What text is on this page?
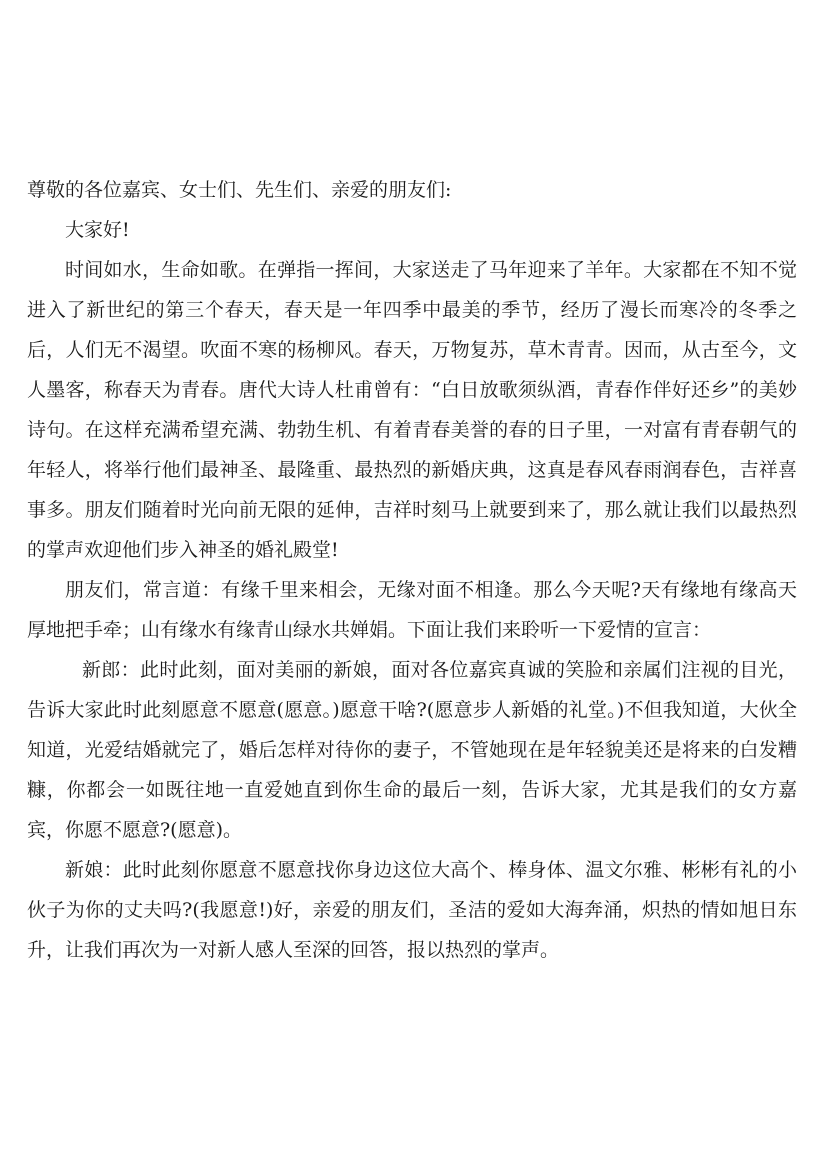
尊敬的各位嘉宾、女士们、先生们、亲爱的朋友们:

大家好!

时间如水，生命如歌。在弹指一挥间，大家送走了马年迎来了羊年。大家都在不知不觉进入了新世纪的第三个春天，春天是一年四季中最美的季节，经历了漫长而寒冷的冬季之后，人们无不渴望。吹面不寒的杨柳风。春天，万物复苏，草木青青。因而，从古至今，文人墨客，称春天为青春。唐代大诗人杜甫曾有：“白日放歌须纵酒，青春作伴好还乡”的美妙诗句。在这样充满希望充满、勃勃生机、有着青春美誉的春的日子里，一对富有青春朝气的年轻人，将举行他们最神圣、最隆重、最热烈的新婚庆典，这真是春风春雨润春色，吉祥喜事多。朋友们随着时光向前无限的延伸，吉祥时刻马上就要到来了，那么就让我们以最热烈的掌声欢迎他们步入神圣的婚礼殿堂!

朋友们，常言道：有缘千里来相会，无缘对面不相逢。那么今天呢?天有缘地有缘高天厚地把手牵；山有缘水有缘青山绿水共婵娟。下面让我们来聆听一下爱情的宣言：

新郎：此时此刻，面对美丽的新娘，面对各位嘉宾真诚的笑脸和亲属们注视的目光，告诉大家此时此刻愿意不愿意(愿意。)愿意干啥?(愿意步人新婚的礼堂。)不但我知道，大伙全知道，光爱结婚就完了，婚后怎样对待你的妻子，不管她现在是年轻貌美还是将来的白发糟糠，你都会一如既往地一直爱她直到你生命的最后一刻，告诉大家，尤其是我们的女方嘉宾，你愿不愿意?(愿意)。

新娘：此时此刻你愿意不愿意找你身边这位大高个、棒身体、温文尔雅、彬彬有礼的小伙子为你的丈夫吗?(我愿意!)好，亲爱的朋友们，圣洁的爱如大海奔涌，炽热的情如旭日东升，让我们再次为一对新人感人至深的回答，报以热烈的掌声。
